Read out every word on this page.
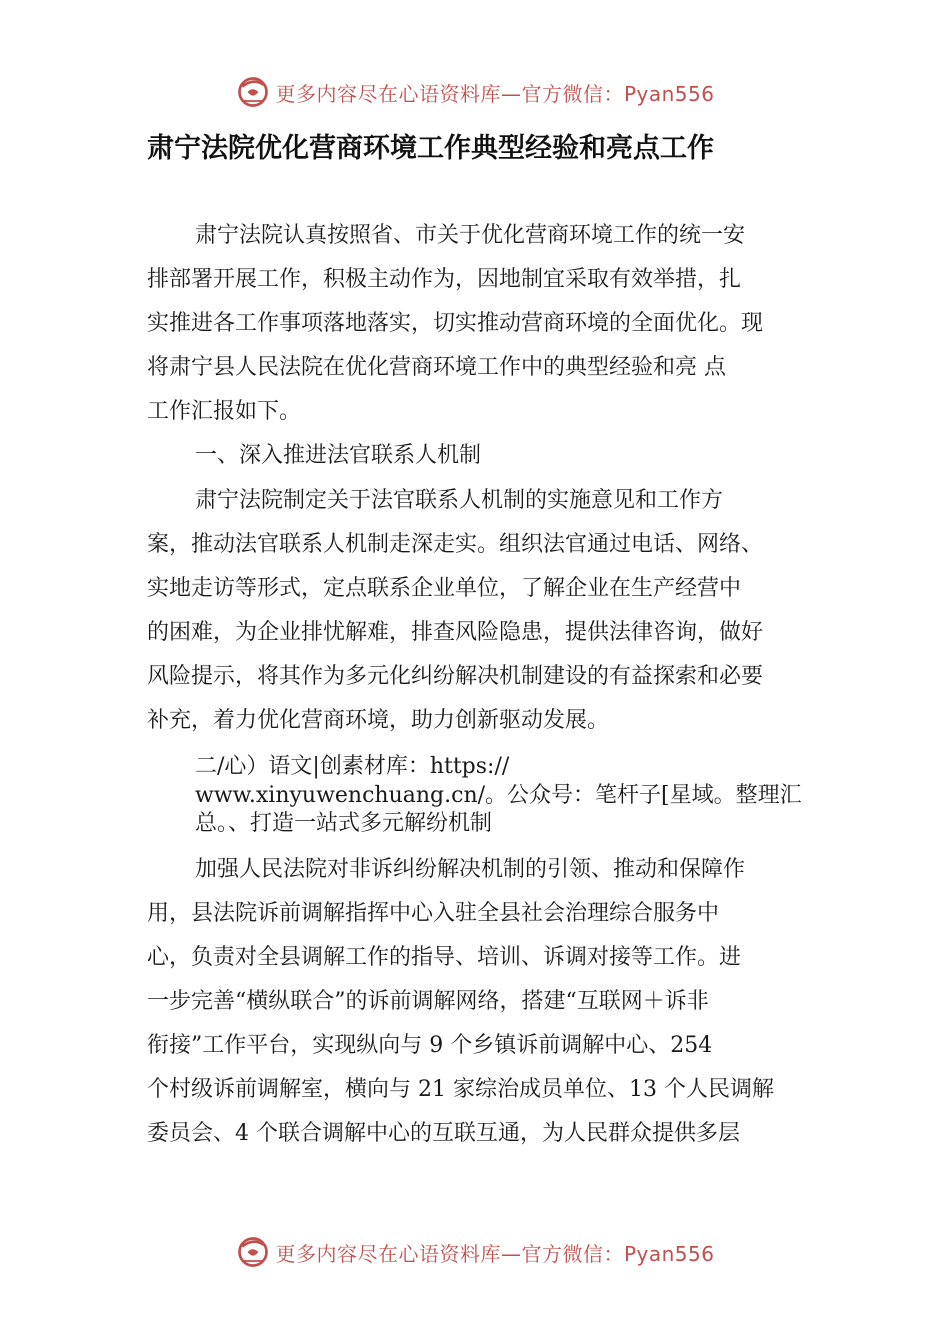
更多内容尽在心语资料库—官方微信：Pyan556
肃宁法院优化营商环境工作典型经验和亮点工作
肃宁法院认真按照省、市关于优化营商环境工作的统一安
排部署开展工作，积极主动作为，因地制宜采取有效举措，扎
实推进各工作事项落地落实，切实推动营商环境的全面优化。现
将肃宁县人民法院在优化营商环境工作中的典型经验和亮 点
工作汇报如下。
一、深入推进法官联系人机制
肃宁法院制定关于法官联系人机制的实施意见和工作方
案，推动法官联系人机制走深走实。组织法官通过电话、网络、
实地走访等形式，定点联系企业单位，了解企业在生产经营中
的困难，为企业排忧解难，排查风险隐患，提供法律咨询，做好
风险提示，将其作为多元化纠纷解决机制建设的有益探索和必要
补充，着力优化营商环境，助力创新驱动发展。
二/心）语文|创素材库：https://
www.xinyuwenchuang.cn/。公众号：笔杆子[星域。整理汇
总。、打造一站式多元解纷机制
加强人民法院对非诉纠纷解决机制的引领、推动和保障作
用，县法院诉前调解指挥中心入驻全县社会治理综合服务中
心，负责对全县调解工作的指导、培训、诉调对接等工作。进
一步完善“横纵联合”的诉前调解网络，搭建“互联网＋诉非
衔接”工作平台，实现纵向与 9 个乡镇诉前调解中心、254
个村级诉前调解室，横向与 21 家综治成员单位、13 个人民调解
委员会、4 个联合调解中心的互联互通，为人民群众提供多层
更多内容尽在心语资料库—官方微信：Pyan556
